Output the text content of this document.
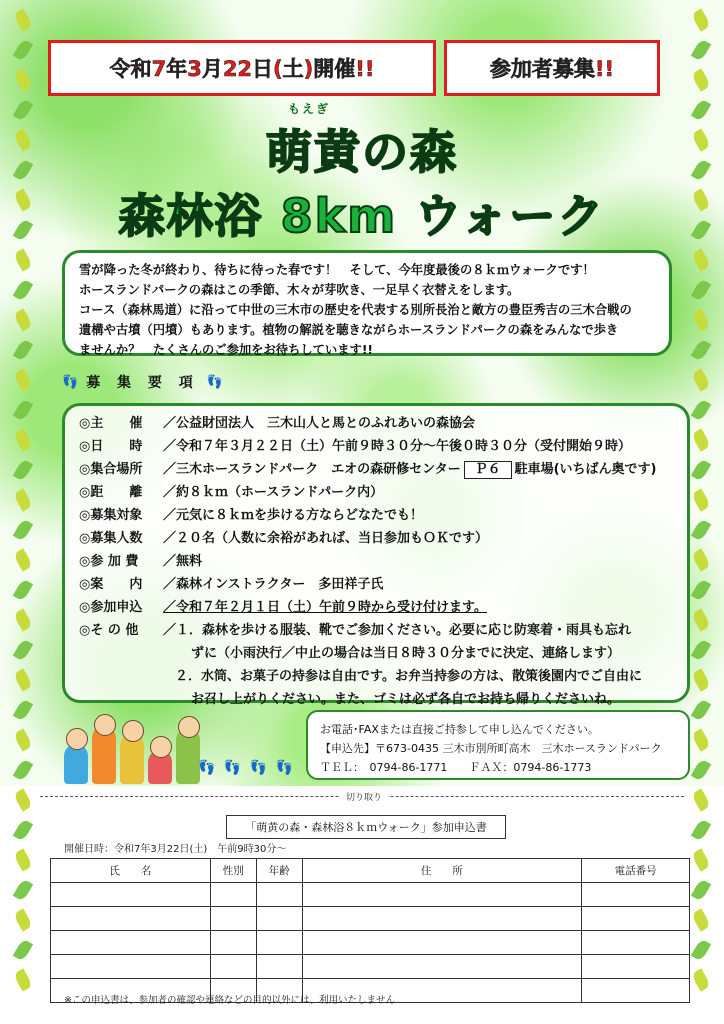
令和7年3月22日(土)開催!!	参加者募集!!
もえぎ
萌黄の森
森林浴 8km ウォーク
雪が降った冬が終わり、待ちに待った春です！　そして、今年度最後の８ｋｍウォークです！
ホースランドパークの森はこの季節、木々が芽吹き、一足早く衣替えをします。
コース（森林馬道）に沿って中世の三木市の歴史を代表する別所長治と敵方の豊臣秀吉の三木合戦の
遺構や古墳（円墳）もあります。植物の解説を聴きながらホースランドパークの森をみんなで歩き
ませんか？　たくさんのご参加をお待ちしています!!
👣 募 集 要 項 👣
◎主　　催	／公益財団法人　三木山人と馬とのふれあいの森協会
◎日　　時	／令和７年３月２２日（土）午前９時３０分～午後０時３０分（受付開始９時）
◎集合場所	／三木ホースランドパーク　エオの森研修センター Ｐ６ 駐車場(いちばん奥です)
◎距　　離	／約８ｋｍ（ホースランドパーク内）
◎募集対象	／元気に８ｋｍを歩ける方ならどなたでも！
◎募集人数	／２０名（人数に余裕があれば、当日参加もＯＫです）
◎参 加 費	／無料
◎案　　内	／森林インストラクター　多田祥子氏
◎参加申込	／令和７年２月１日（土）午前９時から受け付けます。
◎そ の 他	／１．森林を歩ける服装、靴でご参加ください。必要に応じ防寒着・雨具も忘れ
ずに（小雨決行／中止の場合は当日８時３０分までに決定、連絡します）
２．水筒、お菓子の持参は自由です。お弁当持参の方は、散策後園内でご自由に
お召し上がりください。また、ゴミは必ず各自でお持ち帰りくださいね。
👣 👣 👣 👣
お電話･FAXまたは直接ご持参して申し込んでください。
【申込先】〒673-0435 三木市別所町高木　三木ホースランドパーク
ＴＥＬ：　0794-86-1771　　ＦＡＸ：0794-86-1773
切り取り
「萌黄の森・森林浴８ｋｍウォーク」参加申込書
開催日時：令和7年3月22日(土)　午前9時30分～
氏　　名	性別	年齢	住　　所	電話番号

※この申込書は、参加者の確認や連絡などの目的以外には、利用いたしません
